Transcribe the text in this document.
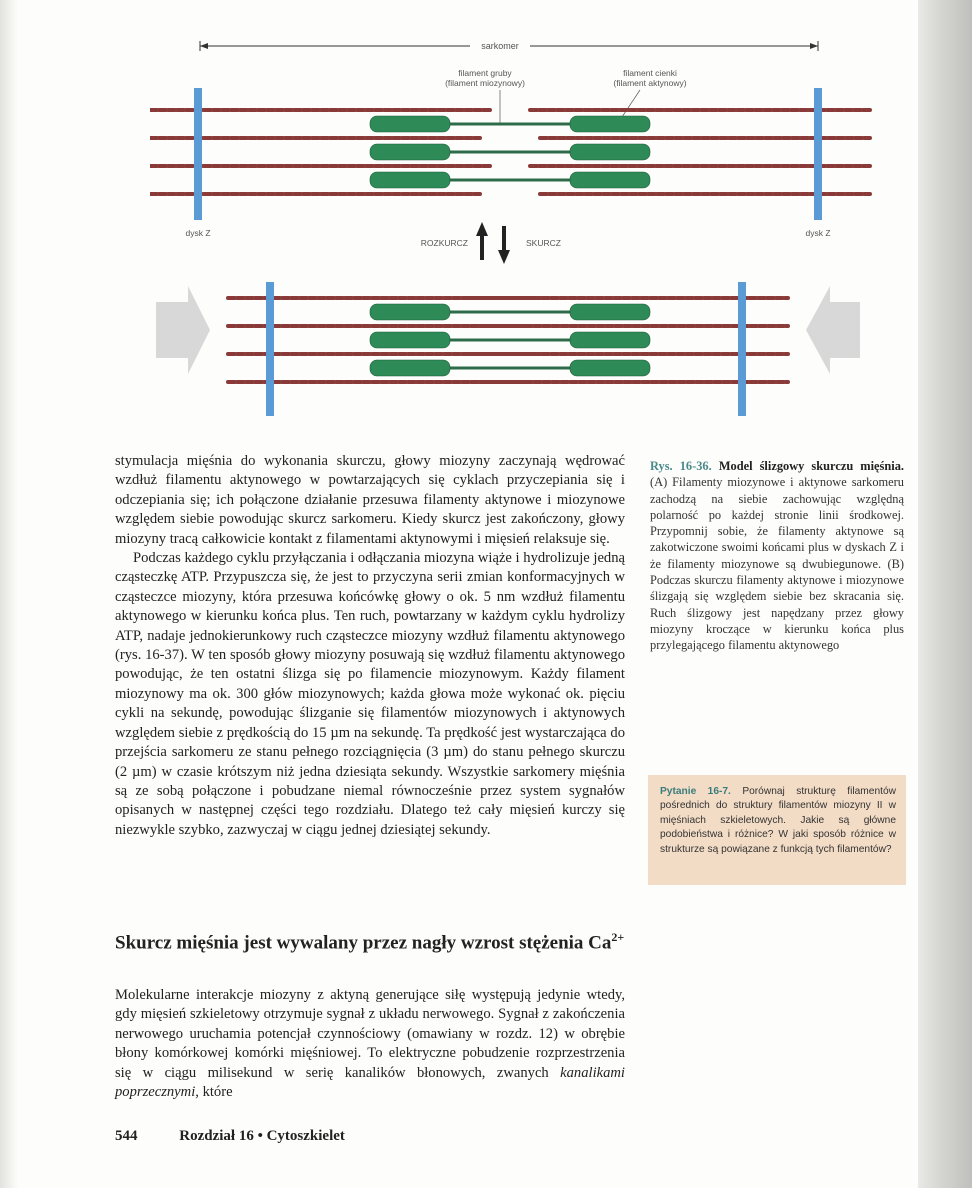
sarkomer
filament gruby
(filament miozynowy)
filament cienki
(filament aktynowy)
dysk Z	dysk Z
ROZKURCZ	SKURCZ

stymulacja mięśnia do wykonania skurczu, głowy miozyny zaczynają wędrować wzdłuż filamentu aktynowego w powtarzających się cyklach przyczepiania się i odczepiania się; ich połączone działanie przesuwa filamenty aktynowe i miozynowe względem siebie powodując skurcz sarkomeru. Kiedy skurcz jest zakończony, głowy miozyny tracą całkowicie kontakt z filamentami aktynowymi i mięsień relaksuje się.

Podczas każdego cyklu przyłączania i odłączania miozyna wiąże i hydrolizuje jedną cząsteczkę ATP. Przypuszcza się, że jest to przyczyna serii zmian konformacyjnych w cząsteczce miozyny, która przesuwa końcówkę głowy o ok. 5 nm wzdłuż filamentu aktynowego w kierunku końca plus. Ten ruch, powtarzany w każdym cyklu hydrolizy ATP, nadaje jednokierunkowy ruch cząsteczce miozyny wzdłuż filamentu aktynowego (rys. 16-37). W ten sposób głowy miozyny posuwają się wzdłuż filamentu aktynowego powodując, że ten ostatni ślizga się po filamencie miozynowym. Każdy filament miozynowy ma ok. 300 głów miozynowych; każda głowa może wykonać ok. pięciu cykli na sekundę, powodując ślizganie się filamentów miozynowych i aktynowych względem siebie z prędkością do 15 µm na sekundę. Ta prędkość jest wystarczająca do przejścia sarkomeru ze stanu pełnego rozciągnięcia (3 µm) do stanu pełnego skurczu (2 µm) w czasie krótszym niż jedna dziesiąta sekundy. Wszystkie sarkomery mięśnia są ze sobą połączone i pobudzane niemal równocześnie przez system sygnałów opisanych w następnej części tego rozdziału. Dlatego też cały mięsień kurczy się niezwykle szybko, zazwyczaj w ciągu jednej dziesiątej sekundy.

Rys. 16-36. Model ślizgowy skurczu mięśnia. (A) Filamenty miozynowe i aktynowe sarkomeru zachodzą na siebie zachowując względną polarność po każdej stronie linii środkowej. Przypomnij sobie, że filamenty aktynowe są zakotwiczone swoimi końcami plus w dyskach Z i że filamenty miozynowe są dwubiegunowe. (B) Podczas skurczu filamenty aktynowe i miozynowe ślizgają się względem siebie bez skracania się. Ruch ślizgowy jest napędzany przez głowy miozyny kroczące w kierunku końca plus przylegającego filamentu aktynowego
Pytanie 16-7. Porównaj strukturę filamentów pośrednich do struktury filamentów miozyny II w mięśniach szkieletowych. Jakie są główne podobieństwa i różnice? W jaki sposób różnice w strukturze są powiązane z funkcją tych filamentów?
Skurcz mięśnia jest wywalany przez nagły wzrost stężenia $Ca^{2+}$
Molekularne interakcje miozyny z aktyną generujące siłę występują jedynie wtedy, gdy mięsień szkieletowy otrzymuje sygnał z układu nerwowego. Sygnał z zakończenia nerwowego uruchamia potencjał czynnościowy (omawiany w rozdz. 12) w obrębie błony komórkowej komórki mięśniowej. To elektryczne pobudzenie rozprzestrzenia się w ciągu milisekund w serię kanalików błonowych, zwanych kanalikami poprzecznymi, które
544	Rozdział 16 • Cytoszkielet
